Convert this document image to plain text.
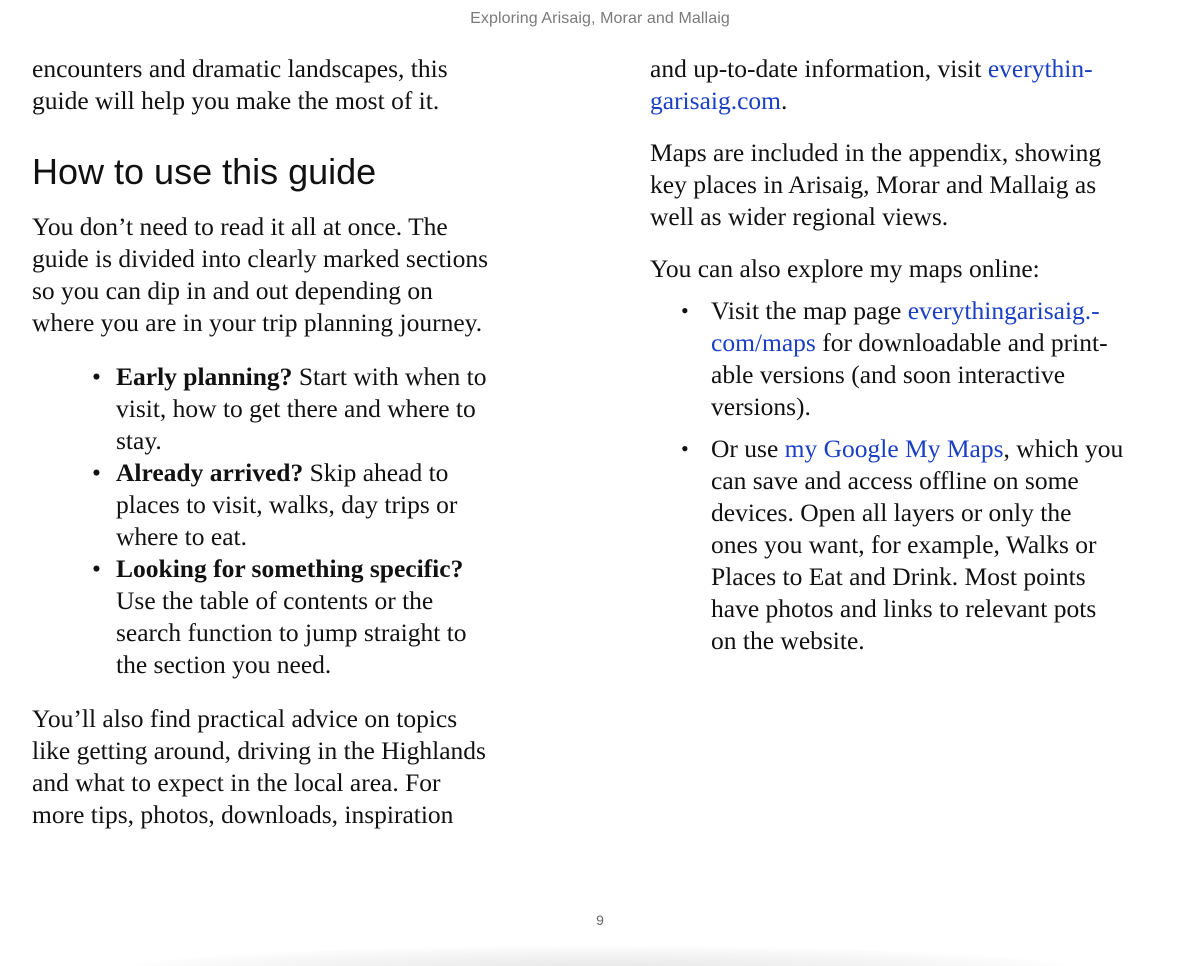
Exploring Arisaig, Morar and Mallaig

encounters and dramatic landscapes, this
guide will help you make the most of it.

How to use this guide

You don’t need to read it all at once. The
guide is divided into clearly marked sections
so you can dip in and out depending on
where you are in your trip planning journey.

• Early planning? Start with when to
visit, how to get there and where to
stay.
• Already arrived? Skip ahead to
places to visit, walks, day trips or
where to eat.
• Looking for something specific?
Use the table of contents or the
search function to jump straight to
the section you need.

You’ll also find practical advice on topics
like getting around, driving in the Highlands
and what to expect in the local area. For
more tips, photos, downloads, inspiration

and up-to-date information, visit everythin-
garisaig.com.

Maps are included in the appendix, showing
key places in Arisaig, Morar and Mallaig as
well as wider regional views.

You can also explore my maps online:

• Visit the map page everythingarisaig.-
com/maps for downloadable and print-
able versions (and soon interactive
versions).
• Or use my Google My Maps, which you
can save and access offline on some
devices. Open all layers or only the
ones you want, for example, Walks or
Places to Eat and Drink. Most points
have photos and links to relevant pots
on the website.
9
